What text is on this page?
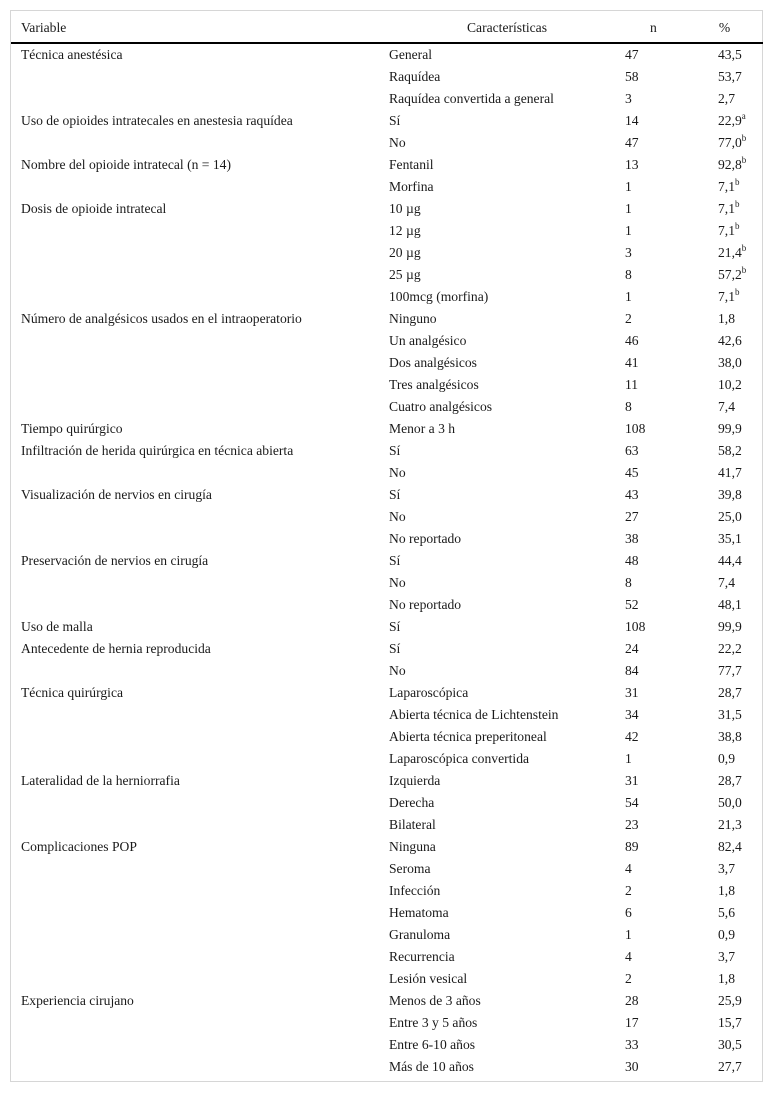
Variable	Características	n	%
Técnica anestésica	General	47	43,5
	Raquídea	58	53,7
	Raquídea convertida a general	3	2,7
Uso de opioides intratecales en anestesia raquídea	Sí	14	22,9$^a$
	No	47	77,0$^b$
Nombre del opioide intratecal (n = 14)	Fentanil	13	92,8$^b$
	Morfina	1	7,1$^b$
Dosis de opioide intratecal	10 µg	1	7,1$^b$
	12 µg	1	7,1$^b$
	20 µg	3	21,4$^b$
	25 µg	8	57,2$^b$
	100mcg (morfina)	1	7,1$^b$
Número de analgésicos usados en el intraoperatorio	Ninguno	2	1,8
	Un analgésico	46	42,6
	Dos analgésicos	41	38,0
	Tres analgésicos	11	10,2
	Cuatro analgésicos	8	7,4
Tiempo quirúrgico	Menor a 3 h	108	99,9
Infiltración de herida quirúrgica en técnica abierta	Sí	63	58,2
	No	45	41,7
Visualización de nervios en cirugía	Sí	43	39,8
	No	27	25,0
	No reportado	38	35,1
Preservación de nervios en cirugía	Sí	48	44,4
	No	8	7,4
	No reportado	52	48,1
Uso de malla	Sí	108	99,9
Antecedente de hernia reproducida	Sí	24	22,2
	No	84	77,7
Técnica quirúrgica	Laparoscópica	31	28,7
	Abierta técnica de Lichtenstein	34	31,5
	Abierta técnica preperitoneal	42	38,8
	Laparoscópica convertida	1	0,9
Lateralidad de la herniorrafia	Izquierda	31	28,7
	Derecha	54	50,0
	Bilateral	23	21,3
Complicaciones POP	Ninguna	89	82,4
	Seroma	4	3,7
	Infección	2	1,8
	Hematoma	6	5,6
	Granuloma	1	0,9
	Recurrencia	4	3,7
	Lesión vesical	2	1,8
Experiencia cirujano	Menos de 3 años	28	25,9
	Entre 3 y 5 años	17	15,7
	Entre 6-10 años	33	30,5
	Más de 10 años	30	27,7
